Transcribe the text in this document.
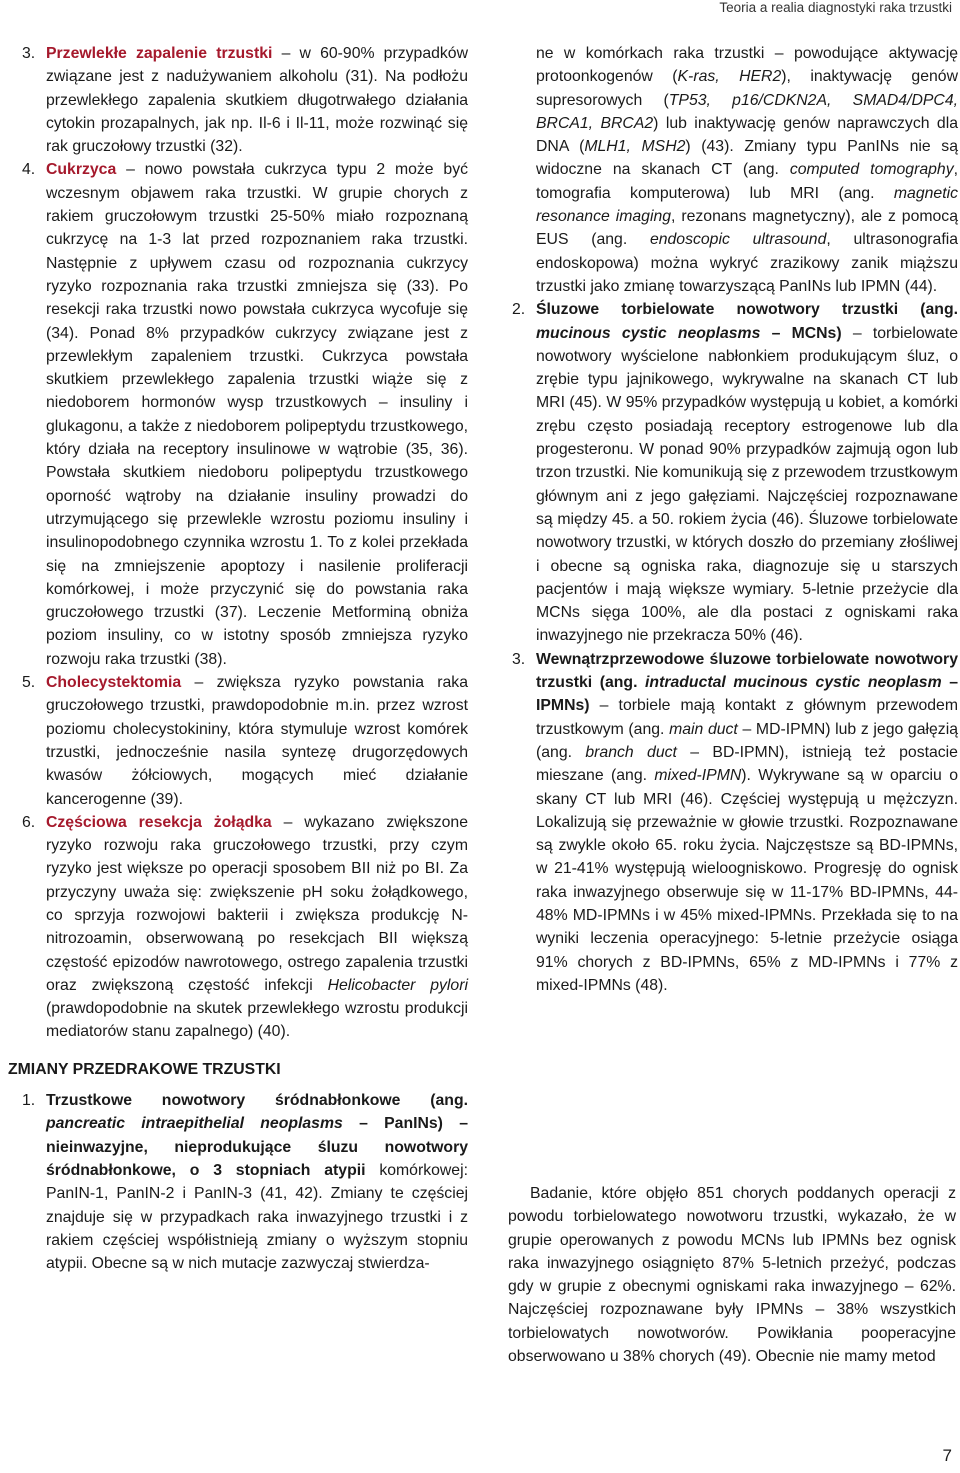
Teoria a realia diagnostyki raka trzustki

3. Przewlekłe zapalenie trzustki – w 60-90% przypadków związane jest z nadużywaniem alkoholu (31). Na podłożu przewlekłego zapalenia skutkiem długotrwałego działania cytokin prozapalnych, jak np. Il-6 i Il-11, może rozwinąć się rak gruczołowy trzustki (32).

4. Cukrzyca – nowo powstała cukrzyca typu 2 może być wczesnym objawem raka trzustki. W grupie chorych z rakiem gruczołowym trzustki 25-50% miało rozpoznaną cukrzycę na 1-3 lat przed rozpoznaniem raka trzustki. Następnie z upływem czasu od rozpoznania cukrzycy ryzyko rozpoznania raka trzustki zmniejsza się (33). Po resekcji raka trzustki nowo powstała cukrzyca wycofuje się (34). Ponad 8% przypadków cukrzycy związane jest z przewlekłym zapaleniem trzustki. Cukrzyca powstała skutkiem przewlekłego zapalenia trzustki wiąże się z niedoborem hormonów wysp trzustkowych – insuliny i glukagonu, a także z niedoborem polipeptydu trzustkowego, który działa na receptory insulinowe w wątrobie (35, 36). Powstała skutkiem niedoboru polipeptydu trzustkowego oporność wątroby na działanie insuliny prowadzi do utrzymującego się przewlekle wzrostu poziomu insuliny i insulinopodobnego czynnika wzrostu 1. To z kolei przekłada się na zmniejszenie apoptozy i nasilenie proliferacji komórkowej, i może przyczynić się do powstania raka gruczołowego trzustki (37). Leczenie Metforminą obniża poziom insuliny, co w istotny sposób zmniejsza ryzyko rozwoju raka trzustki (38).

5. Cholecystektomia – zwiększa ryzyko powstania raka gruczołowego trzustki, prawdopodobnie m.in. przez wzrost poziomu cholecystokininy, która stymuluje wzrost komórek trzustki, jednocześnie nasila syntezę drugorzędowych kwasów żółciowych, mogących mieć działanie kancerogenne (39).

6. Częściowa resekcja żołądka – wykazano zwiększone ryzyko rozwoju raka gruczołowego trzustki, przy czym ryzyko jest większe po operacji sposobem BII niż po BI. Za przyczyny uważa się: zwiększenie pH soku żołądkowego, co sprzyja rozwojowi bakterii i zwiększa produkcję N-nitrozoamin, obserwowaną po resekcjach BII większą częstość epizodów nawrotowego, ostrego zapalenia trzustki oraz zwiększoną częstość infekcji Helicobacter pylori (prawdopodobnie na skutek przewlekłego wzrostu produkcji mediatorów stanu zapalnego) (40).

ZMIANY PRZEDRAKOWE TRZUSTKI

1. Trzustkowe nowotwory śródnabłonkowe (ang. pancreatic intraepithelial neoplasms – PanINs) – nieinwazyjne, nieprodukujące śluzu nowotwory śródnabłonkowe, o 3 stopniach atypii komórkowej: PanIN-1, PanIN-2 i PanIN-3 (41, 42). Zmiany te częściej znajduje się w przypadkach raka inwazyjnego trzustki i z rakiem częściej współistnieją zmiany o wyższym stopniu atypii. Obecne są w nich mutacje zazwyczaj stwierdza-

ne w komórkach raka trzustki – powodujące aktywację protoonkogenów (K-ras, HER2), inaktywację genów supresorowych (TP53, p16/CDKN2A, SMAD4/DPC4, BRCA1, BRCA2) lub inaktywację genów naprawczych dla DNA (MLH1, MSH2) (43). Zmiany typu PanINs nie są widoczne na skanach CT (ang. computed tomography, tomografia komputerowa) lub MRI (ang. magnetic resonance imaging, rezonans magnetyczny), ale z pomocą EUS (ang. endoscopic ultrasound, ultrasonografia endoskopowa) można wykryć zrazikowy zanik miąższu trzustki jako zmianę towarzyszącą PanINs lub IPMN (44).

2. Śluzowe torbielowate nowotwory trzustki (ang. mucinous cystic neoplasms – MCNs) – torbielowate nowotwory wyścielone nabłonkiem produkującym śluz, o zrębie typu jajnikowego, wykrywalne na skanach CT lub MRI (45). W 95% przypadków występują u kobiet, a komórki zrębu często posiadają receptory estrogenowe lub dla progesteronu. W ponad 90% przypadków zajmują ogon lub trzon trzustki. Nie komunikują się z przewodem trzustkowym głównym ani z jego gałęziami. Najczęściej rozpoznawane są między 45. a 50. rokiem życia (46). Śluzowe torbielowate nowotwory trzustki, w których doszło do przemiany złośliwej i obecne są ogniska raka, diagnozuje się u starszych pacjentów i mają większe wymiary. 5-letnie przeżycie dla MCNs sięga 100%, ale dla postaci z ogniskami raka inwazyjnego nie przekracza 50% (46).

3. Wewnątrzprzewodowe śluzowe torbielowate nowotwory trzustki (ang. intraductal mucinous cystic neoplasm – IPMNs) – torbiele mają kontakt z głównym przewodem trzustkowym (ang. main duct – MD-IPMN) lub z jego gałęzią (ang. branch duct – BD-IPMN), istnieją też postacie mieszane (ang. mixed-IPMN). Wykrywane są w oparciu o skany CT lub MRI (46). Częściej występują u mężczyzn. Lokalizują się przeważnie w głowie trzustki. Rozpoznawane są zwykle około 65. roku życia. Najczęstsze są BD-IPMNs, w 21-41% występują wieloogniskowo. Progresję do ognisk raka inwazyjnego obserwuje się w 11-17% BD-IPMNs, 44-48% MD-IPMNs i w 45% mixed-IPMNs. Przekłada się to na wyniki leczenia operacyjnego: 5-letnie przeżycie osiąga 91% chorych z BD-IPMNs, 65% z MD-IPMNs i 77% z mixed-IPMNs (48).

Badanie, które objęło 851 chorych poddanych operacji z powodu torbielowatego nowotworu trzustki, wykazało, że w grupie operowanych z powodu MCNs lub IPMNs bez ognisk raka inwazyjnego osiągnięto 87% 5-letnich przeżyć, podczas gdy w grupie z obecnymi ogniskami raka inwazyjnego – 62%. Najczęściej rozpoznawane były IPMNs – 38% wszystkich torbielowatych nowotworów. Powikłania pooperacyjne obserwowano u 38% chorych (49). Obecnie nie mamy metod
7
